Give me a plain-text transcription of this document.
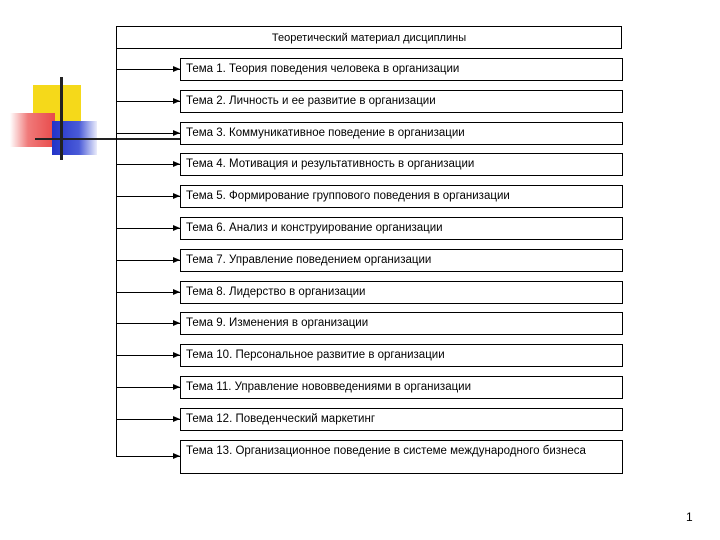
Теоретический материал дисциплины
Тема 1. Теория поведения человека в организации
Тема 2. Личность и ее развитие в организации
Тема 3. Коммуникативное поведение в организации
Тема 4. Мотивация и результативность в организации
Тема 5. Формирование группового поведения в организации
Тема 6. Анализ и конструирование организации
Тема 7. Управление поведением организации
Тема 8. Лидерство в организации
Тема 9. Изменения в организации
Тема 10. Персональное развитие в организации
Тема 11. Управление нововведениями в организации
Тема 12. Поведенческий маркетинг
Тема 13. Организационное поведение в системе международного бизнеса
1
